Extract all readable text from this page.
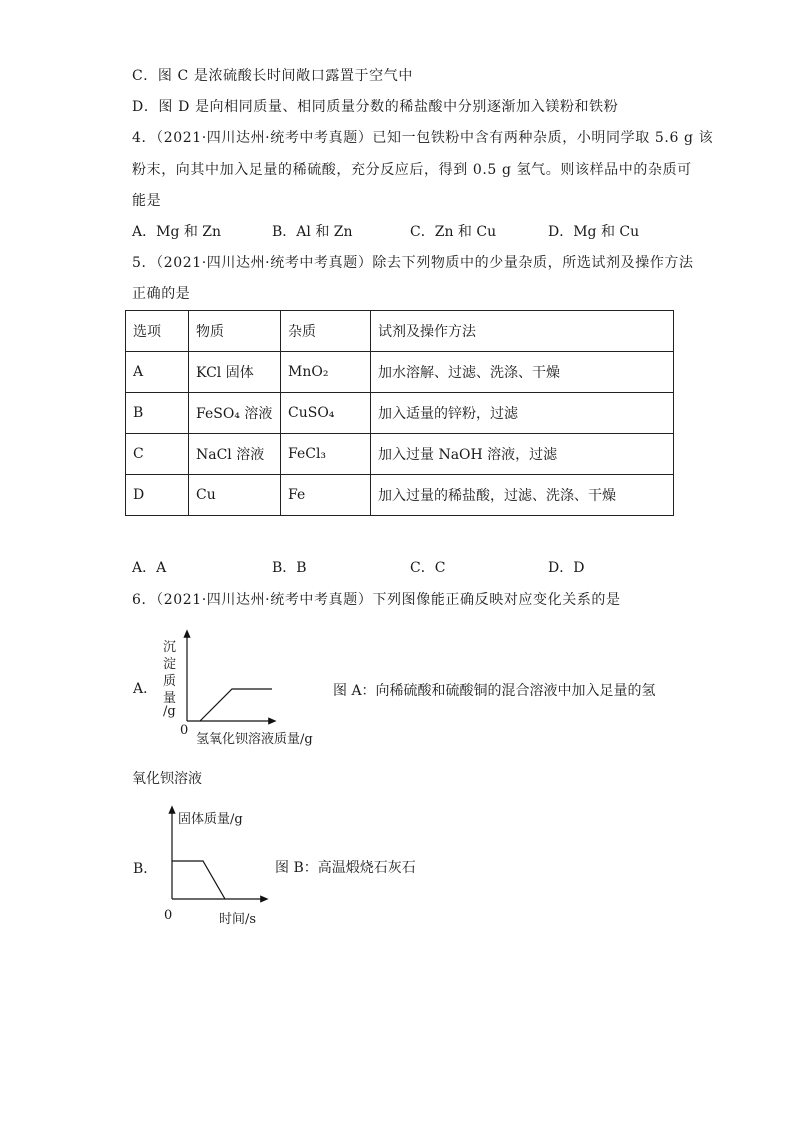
C．图 C 是浓硫酸长时间敞口露置于空气中
D．图 D 是向相同质量、相同质量分数的稀盐酸中分别逐渐加入镁粉和铁粉
4．（2021·四川达州·统考中考真题）已知一包铁粉中含有两种杂质，小明同学取 5.6 g 该
粉末，向其中加入足量的稀硫酸，充分反应后，得到 0.5 g 氢气。则该样品中的杂质可
能是
A．Mg 和 Zn	B．Al 和 Zn	C．Zn 和 Cu	D．Mg 和 Cu
5．（2021·四川达州·统考中考真题）除去下列物质中的少量杂质，所选试剂及操作方法
正确的是
选项	物质	杂质	试剂及操作方法
A	KCl 固体	MnO₂	加水溶解、过滤、洗涤、干燥
B	FeSO₄ 溶液	CuSO₄	加入适量的锌粉，过滤
C	NaCl 溶液	FeCl₃	加入过量 NaOH 溶液，过滤
D	Cu	Fe	加入过量的稀盐酸，过滤、洗涤、干燥
A．A	B．B	C．C	D．D
6．（2021·四川达州·统考中考真题）下列图像能正确反映对应变化关系的是
A．
沉
淀
质
量
/g
0
氢氧化钡溶液质量/g
图 A：向稀硫酸和硫酸铜的混合溶液中加入足量的氢
氧化钡溶液
B．
固体质量/g
0	时间/s
图 B：高温煅烧石灰石
